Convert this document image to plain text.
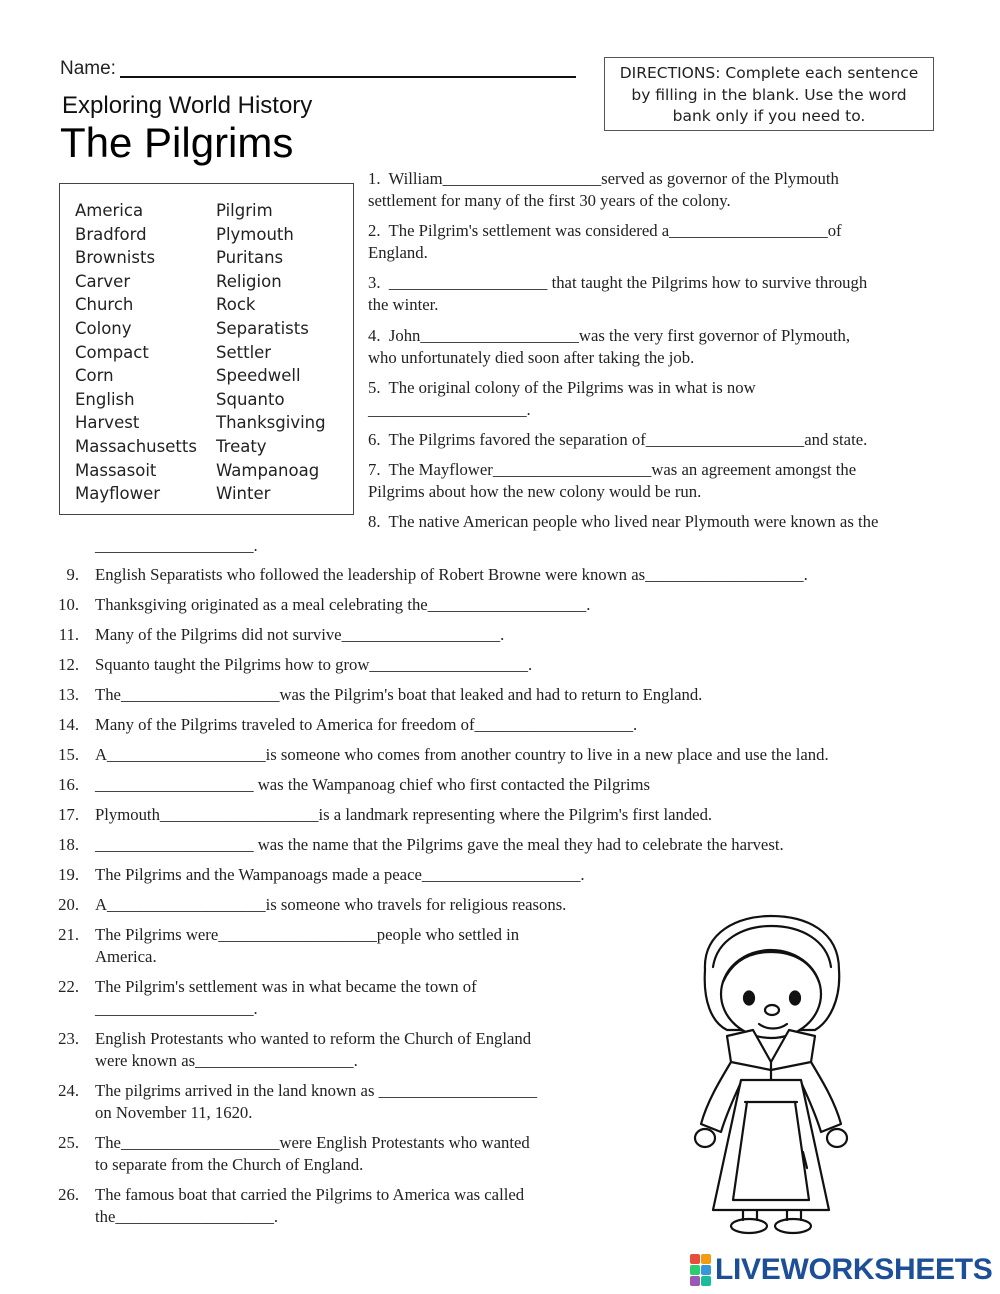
Name:
Exploring World History
The Pilgrims
DIRECTIONS: Complete each sentence by filling in the blank. Use the word bank only if you need to.
America
Bradford
Brownists
Carver
Church
Colony
Compact
Corn
English
Harvest
Massachusetts
Massasoit
Mayflower
Pilgrim
Plymouth
Puritans
Religion
Rock
Separatists
Settler
Speedwell
Squanto
Thanksgiving
Treaty
Wampanoag
Winter
1.  William___________________served as governor of the Plymouth
settlement for many of the first 30 years of the colony.
2.  The Pilgrim's settlement was considered a___________________of
England.
3.  ___________________ that taught the Pilgrims how to survive through
the winter.
4.  John___________________was the very first governor of Plymouth,
who unfortunately died soon after taking the job.
5.  The original colony of the Pilgrims was in what is now
___________________.
6.  The Pilgrims favored the separation of___________________and state.
7.  The Mayflower___________________was an agreement amongst the
Pilgrims about how the new colony would be run.
8.  The native American people who lived near Plymouth were known as the
___________________.
9. English Separatists who followed the leadership of Robert Browne were known as___________________.
10. Thanksgiving originated as a meal celebrating the___________________.
11. Many of the Pilgrims did not survive___________________.
12. Squanto taught the Pilgrims how to grow___________________.
13. The___________________was the Pilgrim's boat that leaked and had to return to England.
14. Many of the Pilgrims traveled to America for freedom of___________________.
15. A___________________is someone who comes from another country to live in a new place and use the land.
16. ___________________ was the Wampanoag chief who first contacted the Pilgrims
17. Plymouth___________________is a landmark representing where the Pilgrim's first landed.
18. ___________________ was the name that the Pilgrims gave the meal they had to celebrate the harvest.
19. The Pilgrims and the Wampanoags made a peace___________________.
20. A___________________is someone who travels for religious reasons.
21. The Pilgrims were___________________people who settled in
America.
22. The Pilgrim's settlement was in what became the town of
___________________.
23. English Protestants who wanted to reform the Church of England
were known as___________________.
24. The pilgrims arrived in the land known as ___________________
on November 11, 1620.
25. The___________________were English Protestants who wanted
to separate from the Church of England.
26. The famous boat that carried the Pilgrims to America was called
the___________________.
LIVEWORKSHEETS
